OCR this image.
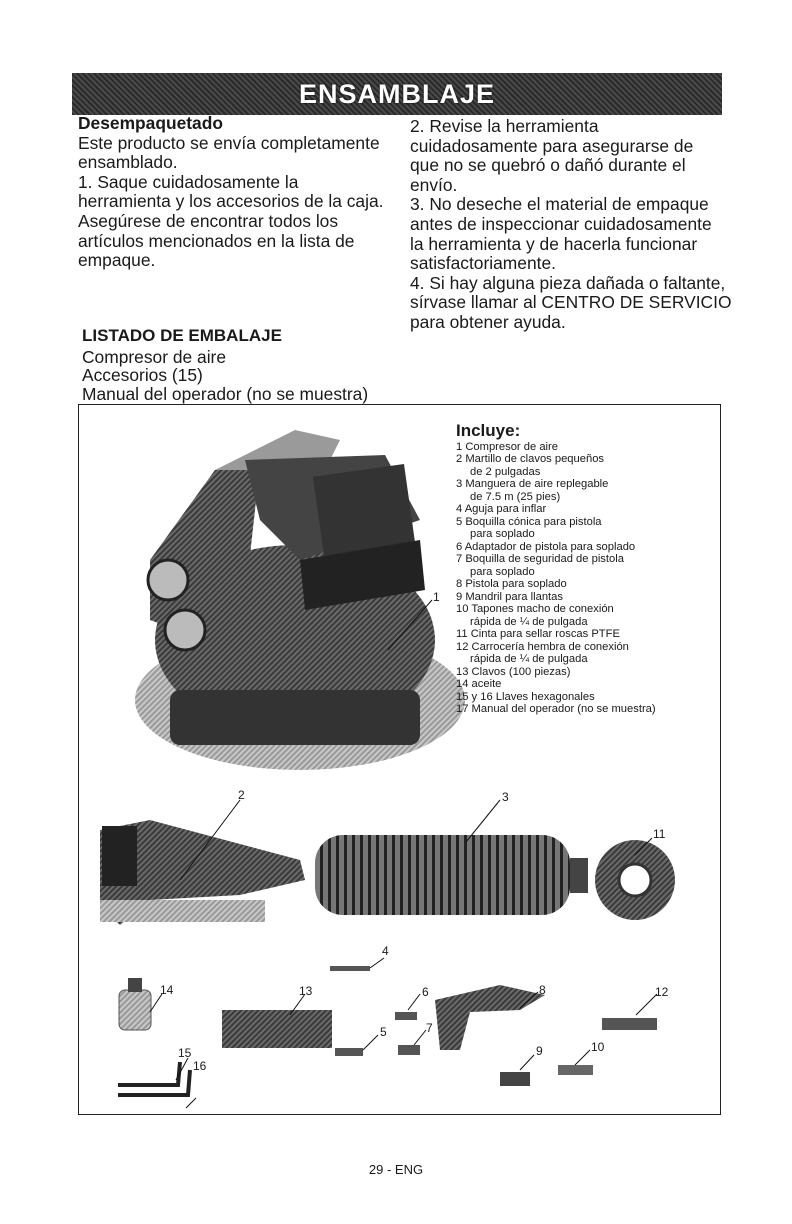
ENSAMBLAJE
Desempaquetado

Este producto se envía completamente

ensamblado.

1. Saque cuidadosamente la

herramienta y los accesorios de la caja.

Asegúrese de encontrar todos los

artículos mencionados en la lista de

empaque.

2. Revise la herramienta

cuidadosamente para asegurarse de

que no se quebró o dañó durante el

envío.

3. No deseche el material de empaque

antes de inspeccionar cuidadosamente

la herramienta y de hacerla funcionar

satisfactoriamente.

4. Si hay alguna pieza dañada o faltante,

sírvase llamar al CENTRO DE SERVICIO

para obtener ayuda.

LISTADO DE EMBALAJE
Compresor de aire
Accesorios (15)
Manual del operador (no se muestra)
1
2	3
4
5
6
7
8
9	10
11
12
13
14
15
16
Incluye:
1 Compresor de aire
2 Martillo de clavos pequeños
de 2 pulgadas
3 Manguera de aire replegable
de 7.5 m (25 pies)
4 Aguja para inflar
5 Boquilla cónica para pistola
para soplado
6 Adaptador de pistola para soplado
7 Boquilla de seguridad de pistola
para soplado
8 Pistola para soplado
9 Mandril para llantas
10 Tapones macho de conexión
rápida de ¼ de pulgada
11 Cinta para sellar roscas PTFE
12 Carrocería hembra de conexión
rápida de ¼ de pulgada
13 Clavos (100 piezas)
14 aceite
15 y 16 Llaves hexagonales
17 Manual del operador (no se muestra)
29 - ENG
